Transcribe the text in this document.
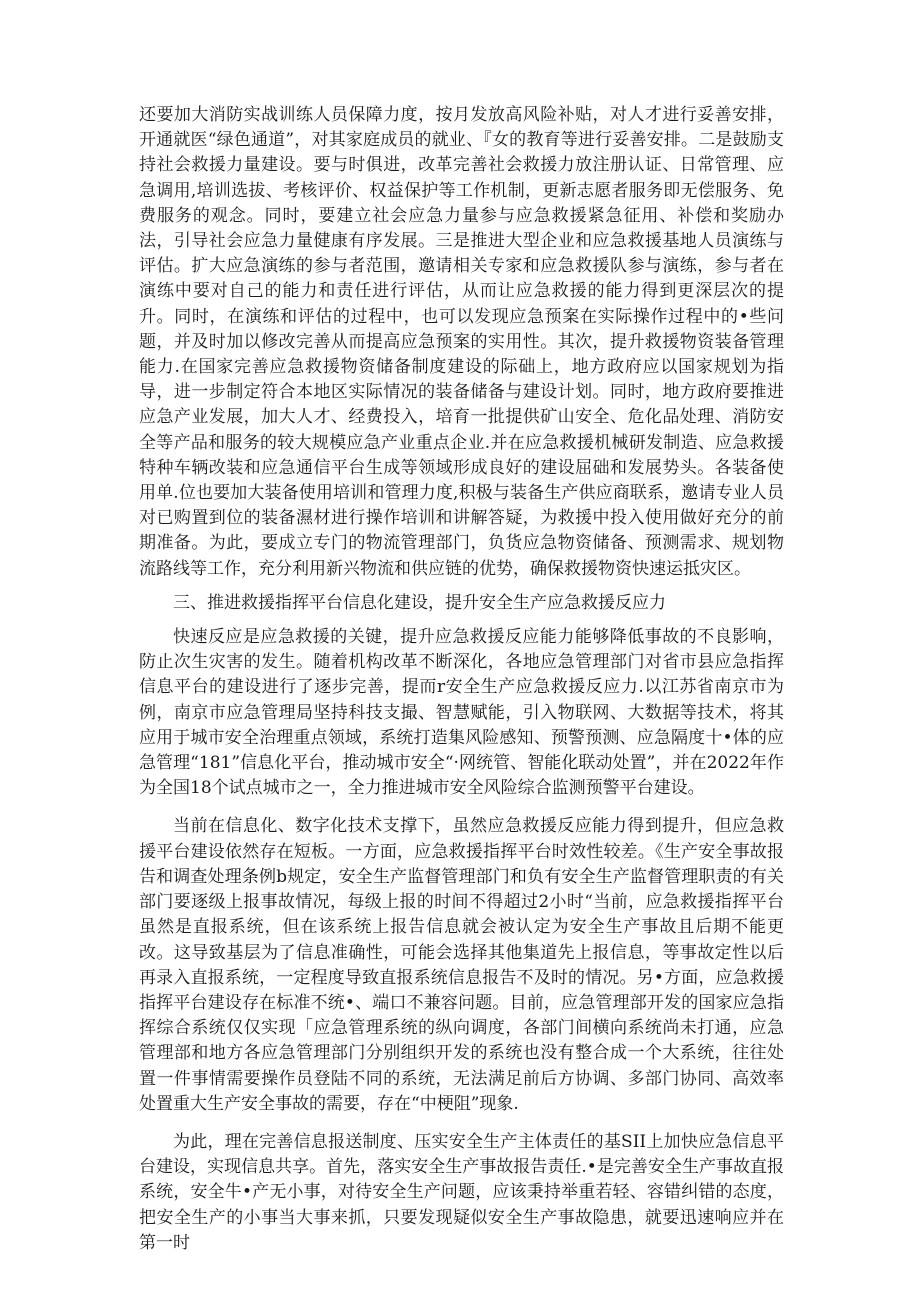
还要加大消防实战训练人员保障力度，按月发放高风险补贴，对人才进行妥善安排，开通就医“绿色通道”，对其家庭成员的就业、『女的教育等进行妥善安排。二是鼓励支持社会救援力量建设。要与时俱进，改革完善社会救援力放注册认证、日常管理、应急调用,培训选拔、考核评价、权益保护等工作机制，更新志愿者服务即无偿服务、免费服务的观念。同时，要建立社会应急力量参与应急救援紧急征用、补偿和奖励办法，引导社会应急力量健康有序发展。三是推进大型企业和应急救援基地人员演练与评估。扩大应急演练的参与者范围，邀请相关专家和应急救援队参与演练，参与者在演练中要对自己的能力和责任进行评估，从而让应急救援的能力得到更深层次的提升。同时，在演练和评估的过程中，也可以发现应急预案在实际操作过程中的•些问题，并及时加以修改完善从而提高应急预案的实用性。其次，提升救援物资装备管理能力.在国家完善应急救援物资储备制度建设的际础上，地方政府应以国家规划为指导，进一步制定符合本地区实际情况的装备储备与建设计划。同时，地方政府要推进应急产业发展，加大人才、经费投入，培育一批提供矿山安全、危化品处理、消防安全等产品和服务的较大规模应急产业重点企业.并在应急救援机械研发制造、应急救援特种车辆改装和应急通信平台生成等领域形成良好的建设屈础和发展势头。各装备使用单.位也要加大装备使用培训和管理力度,积极与装备生产供应商联系，邀请专业人员对已购置到位的装备濕材进行操作培训和讲解答疑，为救援中投入使用做好充分的前期准备。为此，要成立专门的物流管理部门，负货应急物资储备、预测需求、规划物流路线等工作，充分利用新兴物流和供应链的优势，确保救援物资快速运抵灾区。

三、推进救援指挥平台信息化建设，提升安全生产应急救援反应力

快速反应是应急救援的关键，提升应急救援反应能力能够降低事故的不良影响，防止次生灾害的发生。随着机构改革不断深化，各地应急管理部门对省市县应急指挥信息平台的建设进行了逐步完善，提而r安全生产应急救援反应力.以江苏省南京市为例，南京市应急管理局坚持科技支撮、智慧赋能，引入物联网、大数据等技术，将其应用于城市安全治理重点领域，系统打造集风险感知、预警预测、应急隔度十•体的应急管理“181”信息化平台，推动城市安全“·网统管、智能化联动处置”，并在2022年作为全国18个试点城市之一，全力推进城市安全风险综合监测预警平台建设。

当前在信息化、数字化技术支撑下，虽然应急救援反应能力得到提升，但应急救援平台建设依然存在短板。一方面，应急救援指挥平台时效性较差。《生产安全事故报告和调查处理条例b规定，安全生产监督管理部门和负有安全生产监督管理职责的有关部门要逐级上报事故情况，每级上报的时间不得超过2小时“当前，应急救援指挥平台虽然是直报系统，但在该系统上报告信息就会被认定为安全生产事故且后期不能更改。这导致基层为了信息准确性，可能会选择其他集道先上报信息，等事故定性以后再录入直报系统，一定程度导致直报系统信息报告不及时的情况。另•方面，应急救援指挥平台建设存在标准不统•、端口不兼容问题。目前，应急管理部开发的国家应急指挥综合系统仅仅实现「应急管理系统的纵向调度，各部门间横向系统尚未打通，应急管理部和地方各应急管理部门分别组织开发的系统也没有整合成一个大系统，往往处置一件事情需要操作员登陆不同的系统，无法满足前后方协调、多部门协同、高效率处置重大生产安全事故的需要，存在“中梗阻”现象.

为此，理在完善信息报送制度、压实安全生产主体责任的基SII上加快应急信息平台建设，实现信息共享。首先，落实安全生产事故报告责任.•是完善安全生产事故直报系统，安全牛•产无小事，对待安全生产问题，应该秉持举重若轻、容错纠错的态度，把安全生产的小事当大事来抓，只要发现疑似安全生产事故隐患，就要迅速响应并在第一时
